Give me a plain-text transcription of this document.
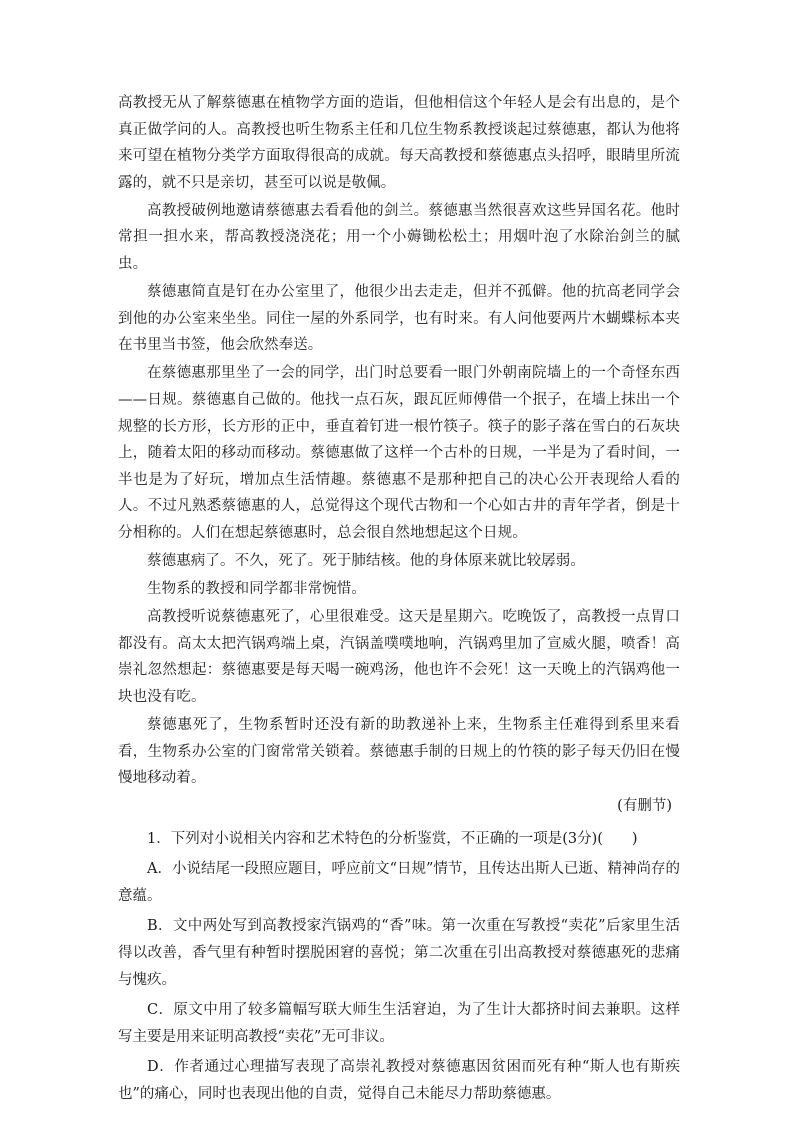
高教授无从了解蔡德惠在植物学方面的造诣，但他相信这个年轻人是会有出息的，是个真正做学问的人。高教授也听生物系主任和几位生物系教授谈起过蔡德惠，都认为他将来可望在植物分类学方面取得很高的成就。每天高教授和蔡德惠点头招呼，眼睛里所流露的，就不只是亲切，甚至可以说是敬佩。

高教授破例地邀请蔡德惠去看看他的剑兰。蔡德惠当然很喜欢这些异国名花。他时常担一担水来，帮高教授浇浇花；用一个小薅锄松松土；用烟叶泡了水除治剑兰的腻虫。

蔡德惠简直是钉在办公室里了，他很少出去走走，但并不孤僻。他的抗高老同学会到他的办公室来坐坐。同住一屋的外系同学，也有时来。有人问他要两片木蝴蝶标本夹在书里当书签，他会欣然奉送。

在蔡德惠那里坐了一会的同学，出门时总要看一眼门外朝南院墙上的一个奇怪东西——日规。蔡德惠自己做的。他找一点石灰，跟瓦匠师傅借一个抿子，在墙上抹出一个规整的长方形，长方形的正中，垂直着钉进一根竹筷子。筷子的影子落在雪白的石灰块上，随着太阳的移动而移动。蔡德惠做了这样一个古朴的日规，一半是为了看时间，一半也是为了好玩，增加点生活情趣。蔡德惠不是那种把自己的决心公开表现给人看的人。不过凡熟悉蔡德惠的人，总觉得这个现代古物和一个心如古井的青年学者，倒是十分相称的。人们在想起蔡德惠时，总会很自然地想起这个日规。

蔡德惠病了。不久，死了。死于肺结核。他的身体原来就比较孱弱。

生物系的教授和同学都非常惋惜。

高教授听说蔡德惠死了，心里很难受。这天是星期六。吃晚饭了，高教授一点胃口都没有。高太太把汽锅鸡端上桌，汽锅盖噗噗地响，汽锅鸡里加了宣威火腿，喷香！高崇礼忽然想起：蔡德惠要是每天喝一碗鸡汤，他也许不会死！这一天晚上的汽锅鸡他一块也没有吃。

蔡德惠死了，生物系暂时还没有新的助教递补上来，生物系主任难得到系里来看看，生物系办公室的门窗常常关锁着。蔡德惠手制的日规上的竹筷的影子每天仍旧在慢慢地移动着。

(有删节)

1．下列对小说相关内容和艺术特色的分析鉴赏，不正确的一项是(3分)(　　)

A．小说结尾一段照应题目，呼应前文“日规”情节，且传达出斯人已逝、精神尚存的意蕴。

B．文中两处写到高教授家汽锅鸡的“香”味。第一次重在写教授“卖花”后家里生活得以改善，香气里有种暂时摆脱困窘的喜悦；第二次重在引出高教授对蔡德惠死的悲痛与愧疚。

C．原文中用了较多篇幅写联大师生生活窘迫，为了生计大都挤时间去兼职。这样写主要是用来证明高教授“卖花”无可非议。

D．作者通过心理描写表现了高崇礼教授对蔡德惠因贫困而死有种“斯人也有斯疾也”的痛心，同时也表现出他的自责，觉得自己未能尽力帮助蔡德惠。
